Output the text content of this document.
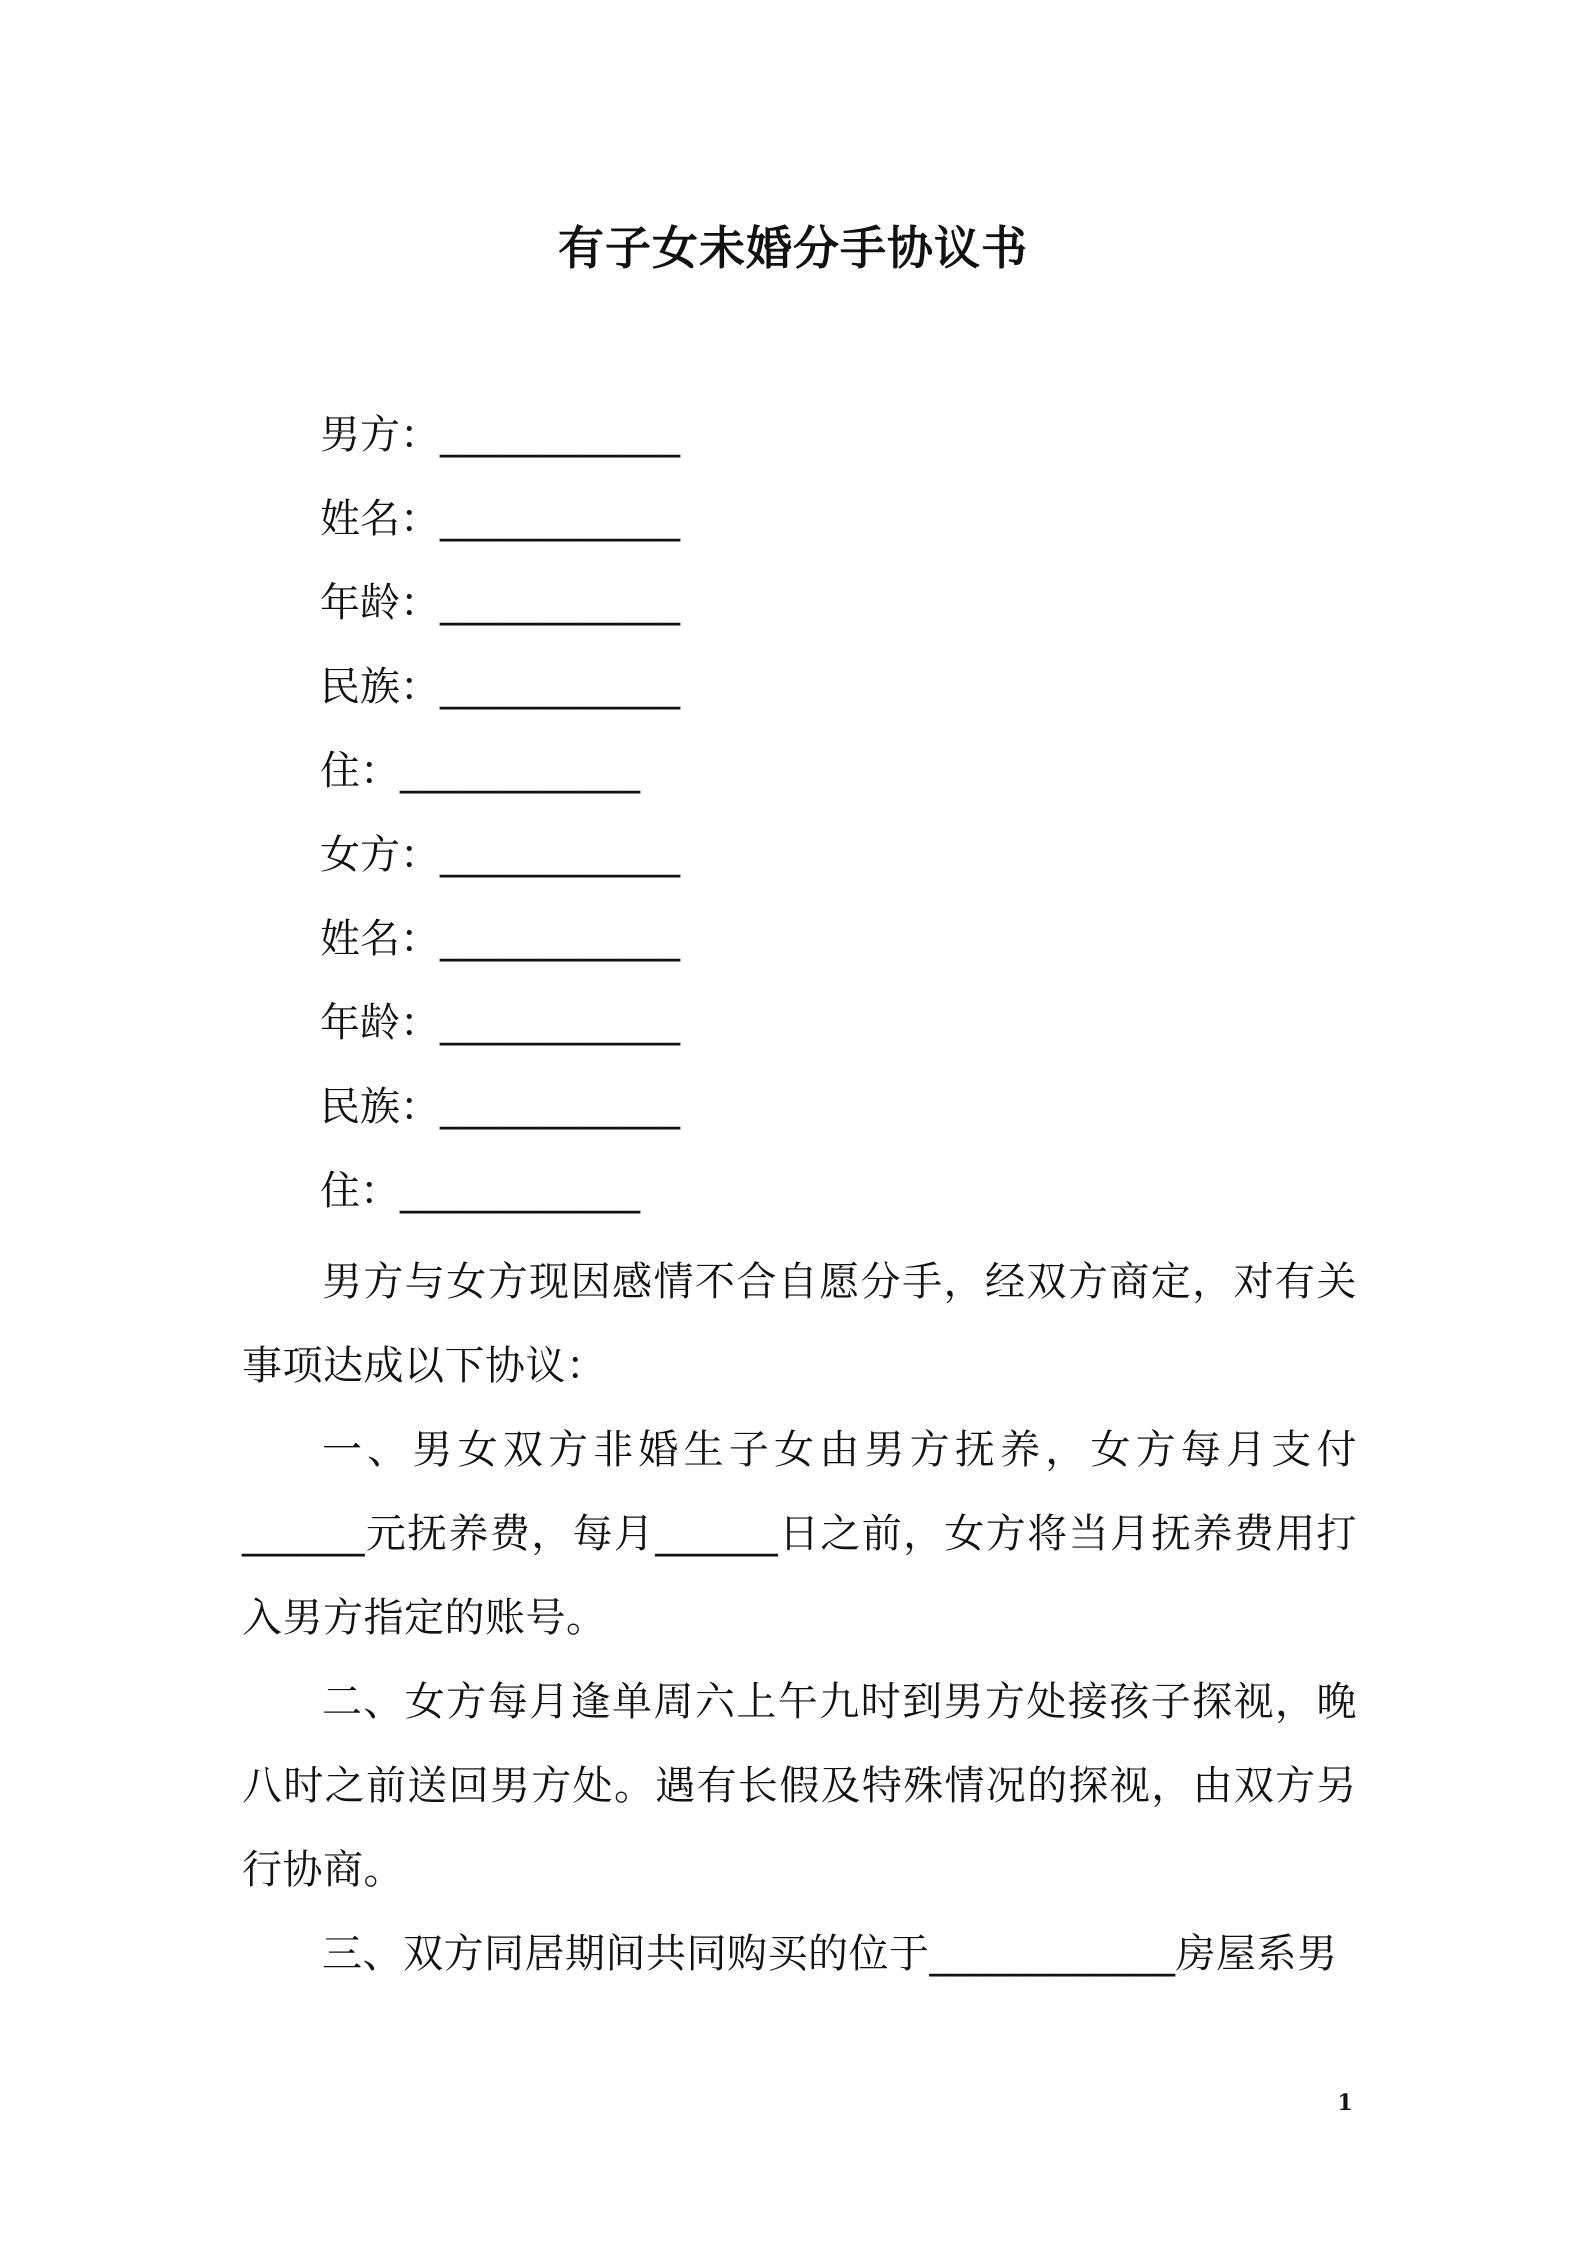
有子女未婚分手协议书
男方：____________
姓名：____________
年龄：____________
民族：____________
住：____________
女方：____________
姓名：____________
年龄：____________
民族：____________
住：____________

男方与女方现因感情不合自愿分手，经双方商定，对有关事项达成以下协议：

一、男女双方非婚生子女由男方抚养，女方每月支付______元抚养费，每月______日之前，女方将当月抚养费用打入男方指定的账号。

二、女方每月逢单周六上午九时到男方处接孩子探视，晚八时之前送回男方处。遇有长假及特殊情况的探视，由双方另行协商。

三、双方同居期间共同购买的位于____________房屋系男

1
